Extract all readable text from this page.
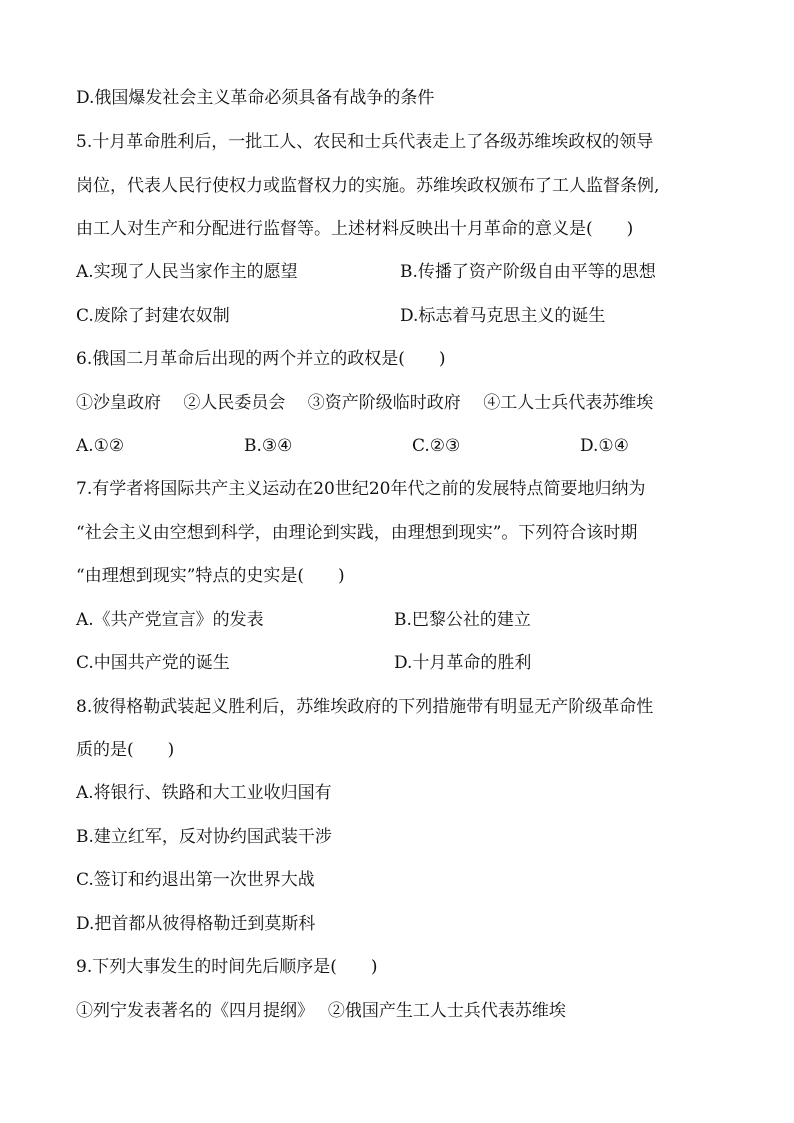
D.俄国爆发社会主义革命必须具备有战争的条件
5.十月革命胜利后，一批工人、农民和士兵代表走上了各级苏维埃政权的领导
岗位，代表人民行使权力或监督权力的实施。苏维埃政权颁布了工人监督条例,
由工人对生产和分配进行监督等。上述材料反映出十月革命的意义是(　　)
A.实现了人民当家作主的愿望	B.传播了资产阶级自由平等的思想
C.废除了封建农奴制	D.标志着马克思主义的诞生
6.俄国二月革命后出现的两个并立的政权是(　　)
①沙皇政府　 ②人民委员会　 ③资产阶级临时政府　 ④工人士兵代表苏维埃
A.①②	B.③④	C.②③	D.①④
7.有学者将国际共产主义运动在20世纪20年代之前的发展特点简要地归纳为
“社会主义由空想到科学，由理论到实践，由理想到现实”。下列符合该时期
“由理想到现实”特点的史实是(　　)
A.《共产党宣言》的发表	B.巴黎公社的建立
C.中国共产党的诞生	D.十月革命的胜利
8.彼得格勒武装起义胜利后，苏维埃政府的下列措施带有明显无产阶级革命性
质的是(　　)
A.将银行、铁路和大工业收归国有
B.建立红军，反对协约国武装干涉
C.签订和约退出第一次世界大战
D.把首都从彼得格勒迁到莫斯科
9.下列大事发生的时间先后顺序是(　　)
①列宁发表著名的《四月提纲》　 ②俄国产生工人士兵代表苏维埃
